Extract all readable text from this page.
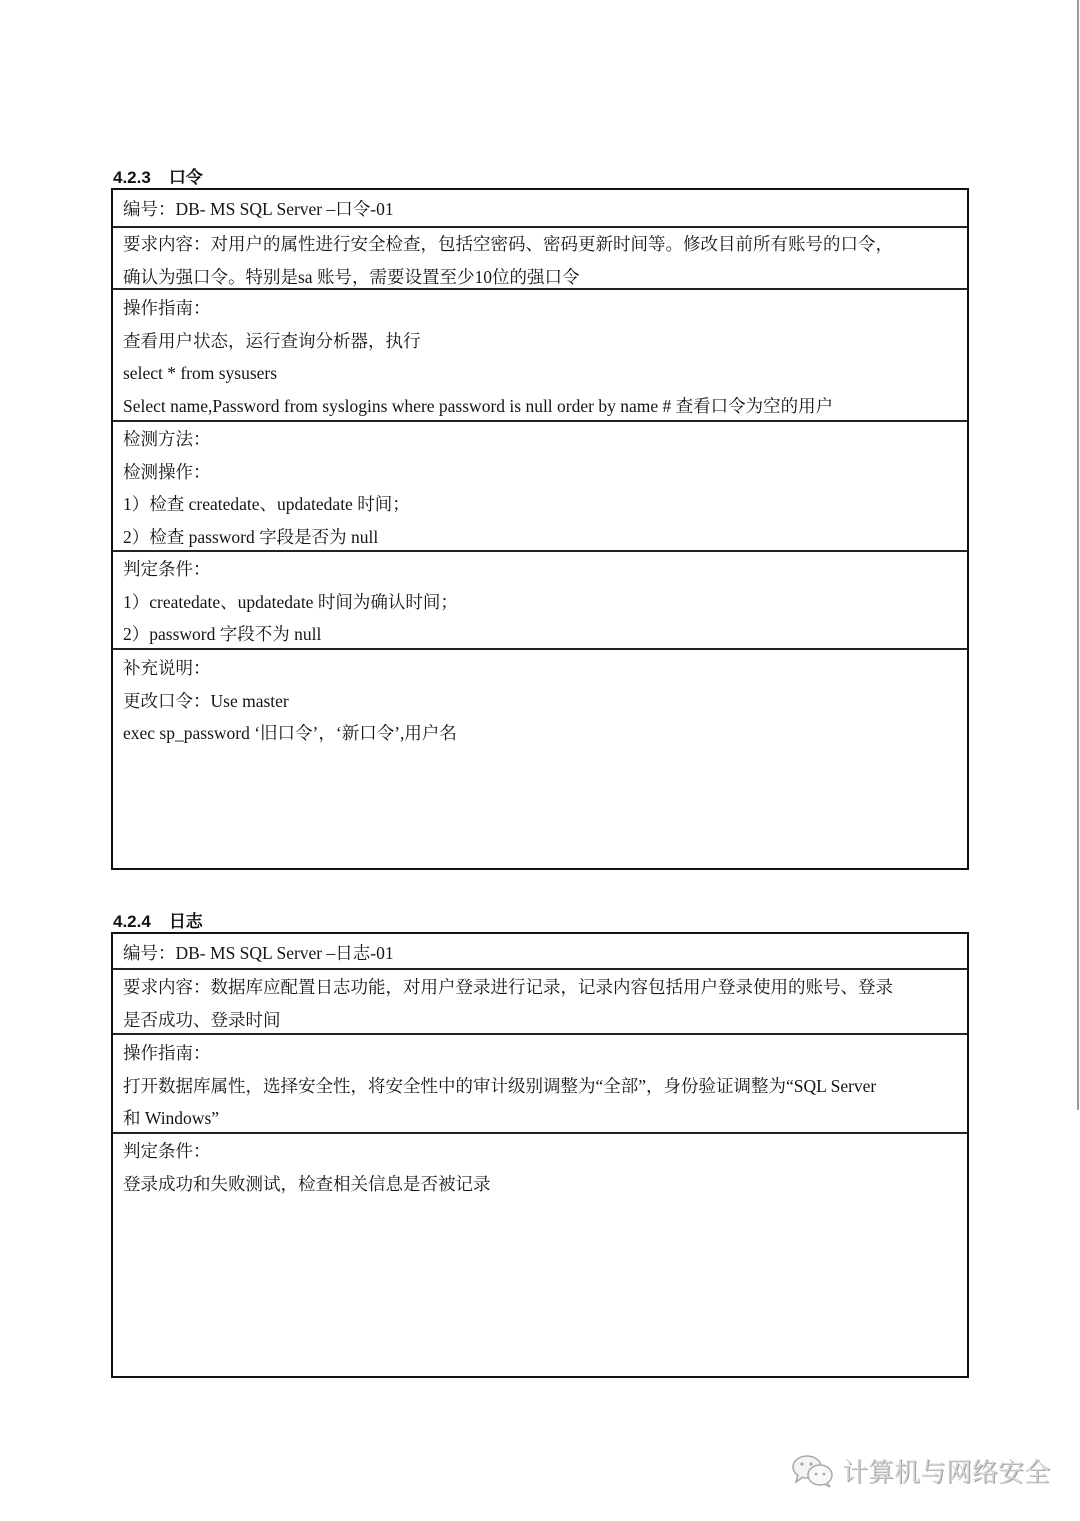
4.2.3 口令
编号：DB- MS SQL Server –口令-01
要求内容：对用户的属性进行安全检查，包括空密码、密码更新时间等。修改目前所有账号的口令，
确认为强口令。特别是sa 账号，需要设置至少10位的强口令
操作指南：
查看用户状态，运行查询分析器，执行
select * from sysusers
Select name,Password from syslogins where password is null order by name # 查看口令为空的用户
检测方法：
检测操作：
1）检查 createdate、updatedate 时间；
2）检查 password 字段是否为 null
判定条件：
1）createdate、updatedate 时间为确认时间；
2）password 字段不为 null
补充说明：
更改口令：Use master
exec sp_password ‘旧口令’，‘新口令’,用户名
4.2.4 日志
编号：DB- MS SQL Server –日志-01
要求内容：数据库应配置日志功能，对用户登录进行记录，记录内容包括用户登录使用的账号、登录
是否成功、登录时间
操作指南：
打开数据库属性，选择安全性，将安全性中的审计级别调整为“全部”，身份验证调整为“SQL Server
和 Windows”
判定条件：
登录成功和失败测试，检查相关信息是否被记录
计算机与网络安全
